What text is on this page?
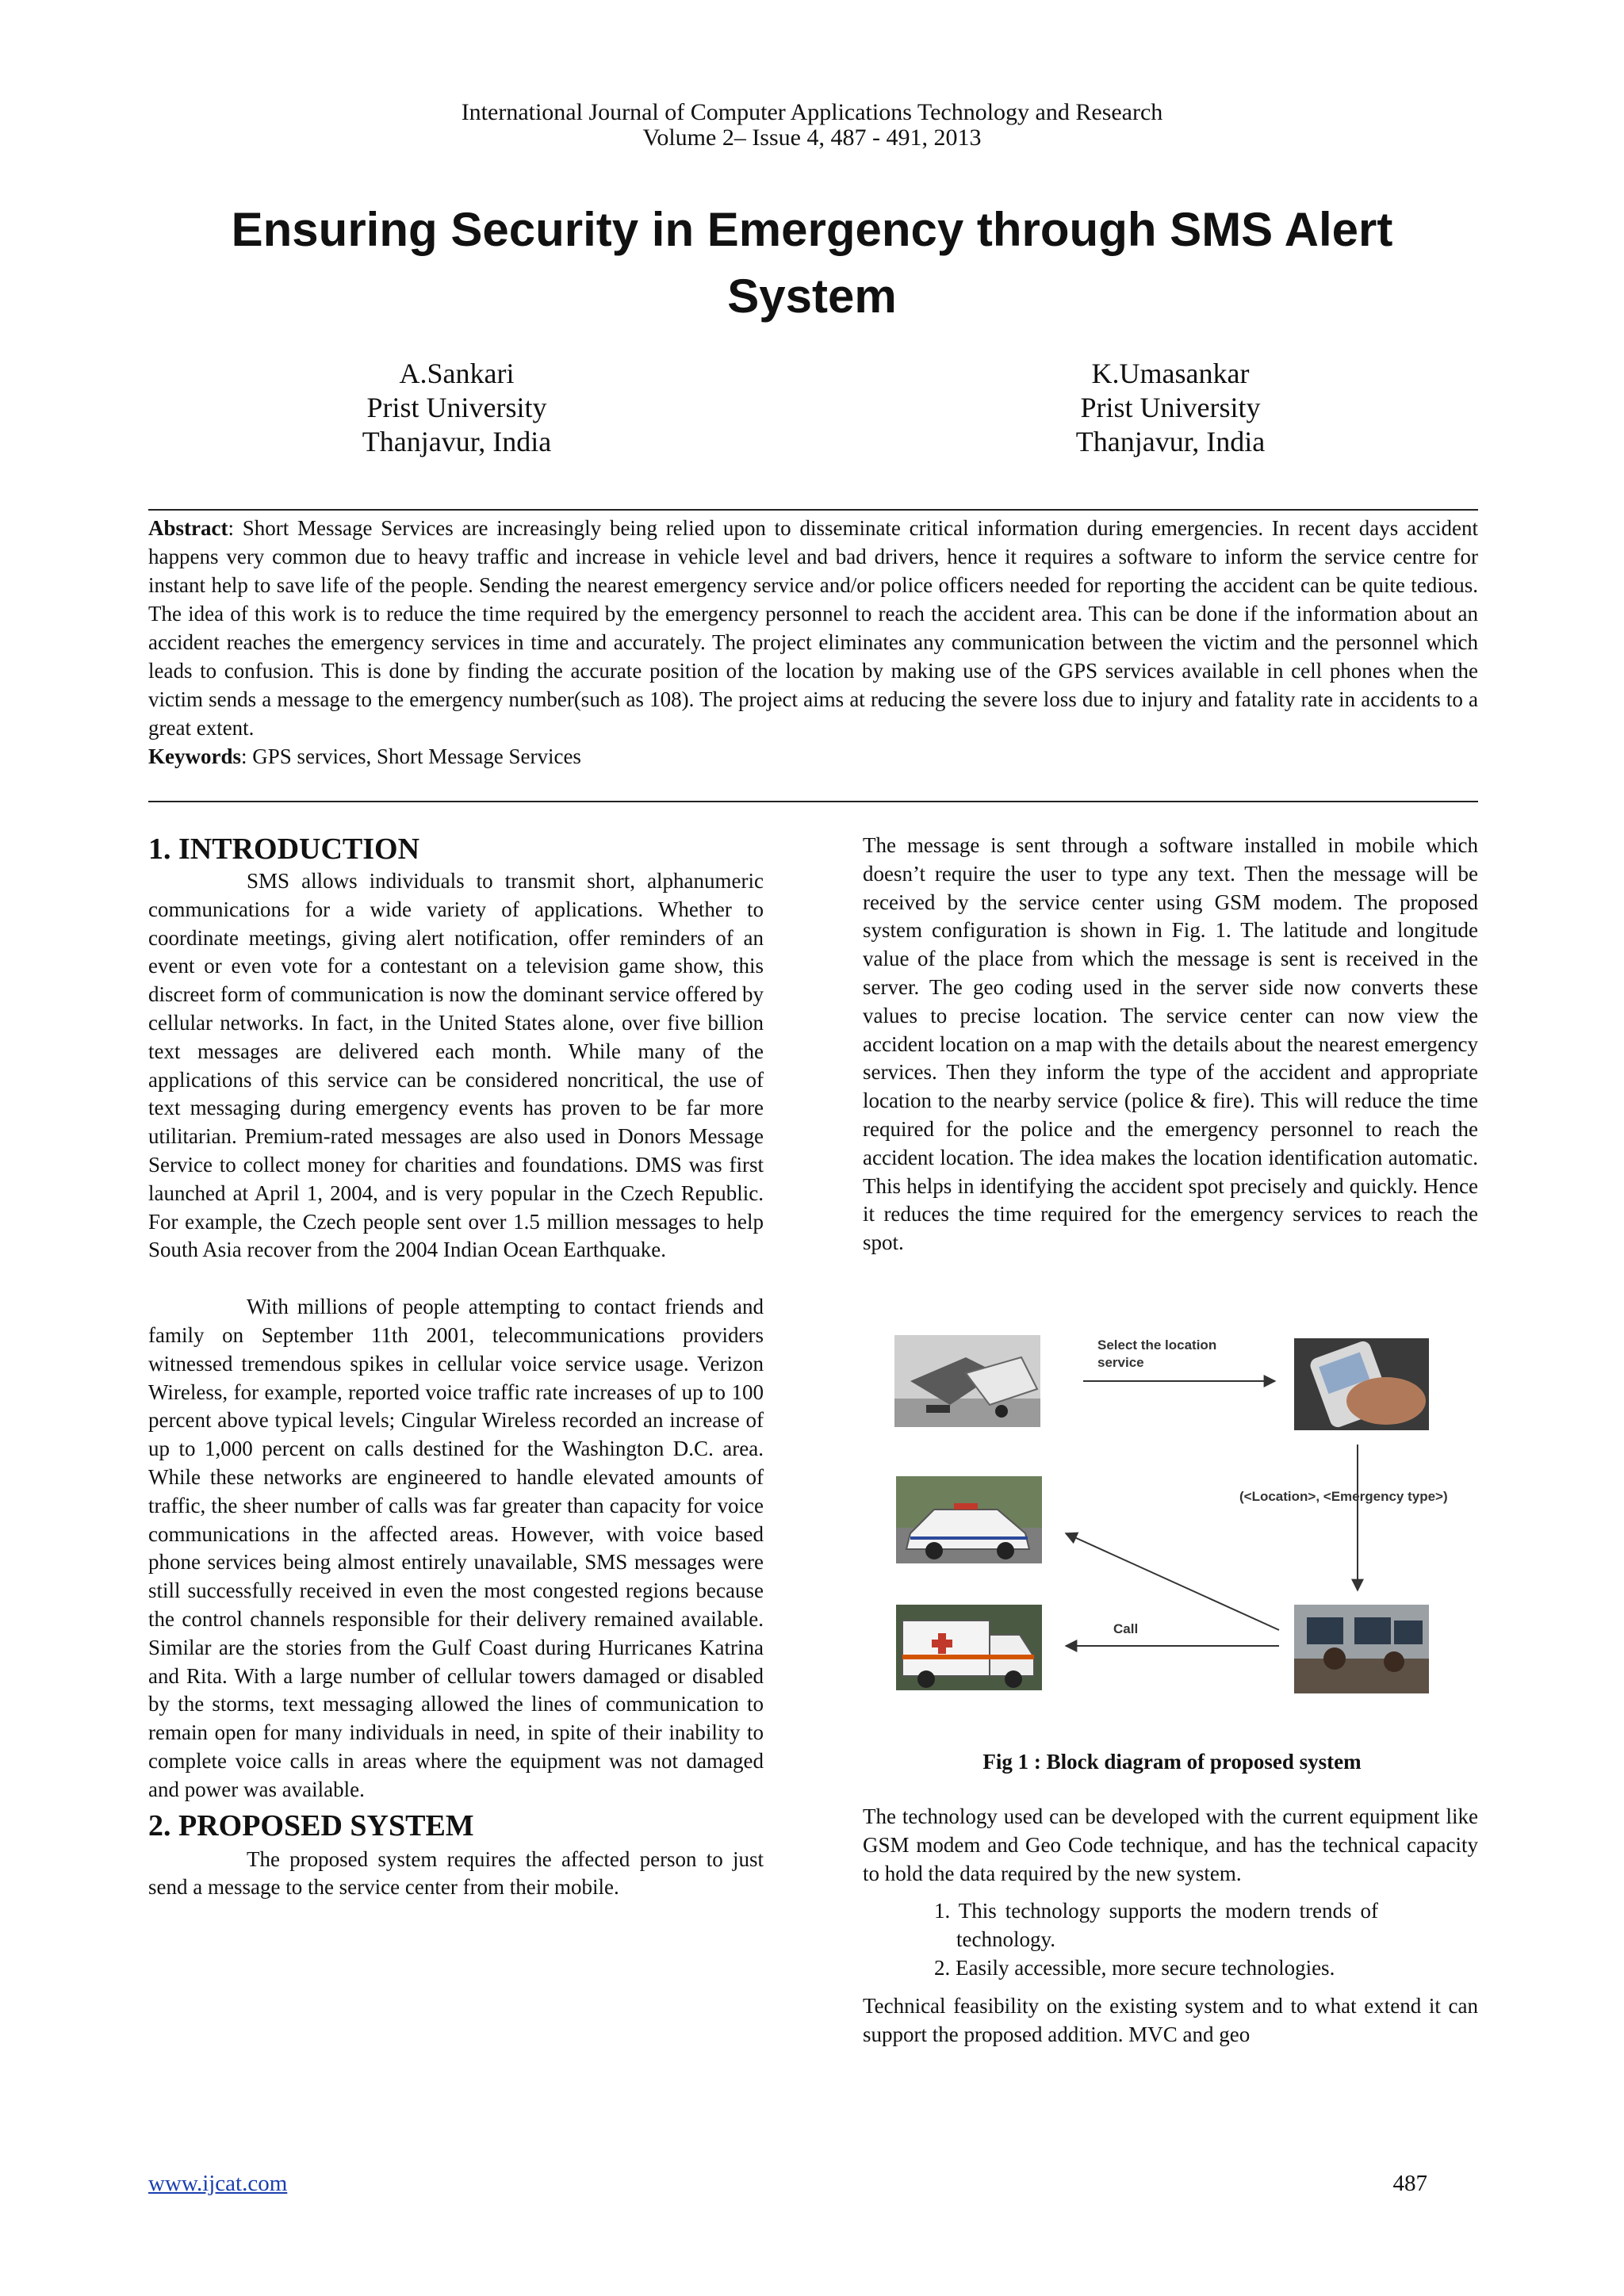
International Journal of Computer Applications Technology and Research
Volume 2– Issue 4, 487 - 491, 2013
Ensuring Security in Emergency through SMS Alert System
A.Sankari
Prist University
Thanjavur, India
K.Umasankar
Prist University
Thanjavur, India
Abstract: Short Message Services are increasingly being relied upon to disseminate critical information during emergencies. In recent days accident happens very common due to heavy traffic and increase in vehicle level and bad drivers, hence it requires a software to inform the service centre for instant help to save life of the people. Sending the nearest emergency service and/or police officers needed for reporting the accident can be quite tedious. The idea of this work is to reduce the time required by the emergency personnel to reach the accident area. This can be done if the information about an accident reaches the emergency services in time and accurately. The project eliminates any communication between the victim and the personnel which leads to confusion. This is done by finding the accurate position of the location by making use of the GPS services available in cell phones when the victim sends a message to the emergency number(such as 108). The project aims at reducing the severe loss due to injury and fatality rate in accidents to a great extent.
Keywords: GPS services, Short Message Services
1. INTRODUCTION

SMS allows individuals to transmit short, alphanumeric communications for a wide variety of applications. Whether to coordinate meetings, giving alert notification, offer reminders of an event or even vote for a contestant on a television game show, this discreet form of communication is now the dominant service offered by cellular networks. In fact, in the United States alone, over five billion text messages are delivered each month. While many of the applications of this service can be considered noncritical, the use of text messaging during emergency events has proven to be far more utilitarian. Premium-rated messages are also used in Donors Message Service to collect money for charities and foundations. DMS was first launched at April 1, 2004, and is very popular in the Czech Republic. For example, the Czech people sent over 1.5 million messages to help South Asia recover from the 2004 Indian Ocean Earthquake.

With millions of people attempting to contact friends and family on September 11th 2001, telecommunications providers witnessed tremendous spikes in cellular voice service usage. Verizon Wireless, for example, reported voice traffic rate increases of up to 100 percent above typical levels; Cingular Wireless recorded an increase of up to 1,000 percent on calls destined for the Washington D.C. area. While these networks are engineered to handle elevated amounts of traffic, the sheer number of calls was far greater than capacity for voice communications in the affected areas. However, with voice based phone services being almost entirely unavailable, SMS messages were still successfully received in even the most congested regions because the control channels responsible for their delivery remained available. Similar are the stories from the Gulf Coast during Hurricanes Katrina and Rita. With a large number of cellular towers damaged or disabled by the storms, text messaging allowed the lines of communication to remain open for many individuals in need, in spite of their inability to complete voice calls in areas where the equipment was not damaged and power was available.

2. PROPOSED SYSTEM

The proposed system requires the affected person to just send a message to the service center from their mobile.

The message is sent through a software installed in mobile which doesn’t require the user to type any text. Then the message will be received by the service center using GSM modem. The proposed system configuration is shown in Fig. 1. The latitude and longitude value of the place from which the message is sent is received in the server. The geo coding used in the server side now converts these values to precise location. The service center can now view the accident location on a map with the details about the nearest emergency services. Then they inform the type of the accident and appropriate location to the nearby service (police & fire). This will reduce the time required for the police and the emergency personnel to reach the accident location. The idea makes the location identification automatic. This helps in identifying the accident spot precisely and quickly. Hence it reduces the time required for the emergency services to reach the spot.

Select the location service
(<Location>, <Emergency type>)
Call
Fig 1 : Block diagram of proposed system

The technology used can be developed with the current equipment like GSM modem and Geo Code technique, and has the technical capacity to hold the data required by the new system.

1. This technology supports the modern trends of technology.
2. Easily accessible, more secure technologies.

Technical feasibility on the existing system and to what extend it can support the proposed addition. MVC and geo

www.ijcat.com	487
